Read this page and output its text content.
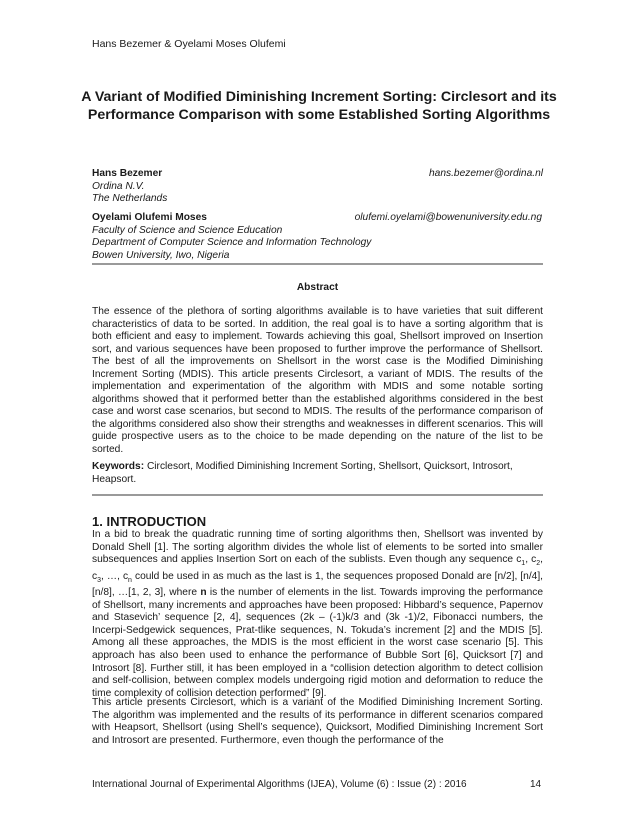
Hans Bezemer & Oyelami Moses Olufemi
A Variant of Modified Diminishing Increment Sorting: Circlesort and its Performance Comparison with some Established Sorting Algorithms
Hans Bezemer
Ordina N.V.
The Netherlands
hans.bezemer@ordina.nl
Oyelami Olufemi Moses
Faculty of Science and Science Education
Department of Computer Science and Information Technology
Bowen University, Iwo, Nigeria
olufemi.oyelami@bowenuniversity.edu.ng
Abstract
The essence of the plethora of sorting algorithms available is to have varieties that suit different characteristics of data to be sorted. In addition, the real goal is to have a sorting algorithm that is both efficient and easy to implement. Towards achieving this goal, Shellsort improved on Insertion sort, and various sequences have been proposed to further improve the performance of Shellsort. The best of all the improvements on Shellsort in the worst case is the Modified Diminishing Increment Sorting (MDIS). This article presents Circlesort, a variant of MDIS. The results of the implementation and experimentation of the algorithm with MDIS and some notable sorting algorithms showed that it performed better than the established algorithms considered in the best case and worst case scenarios, but second to MDIS. The results of the performance comparison of the algorithms considered also show their strengths and weaknesses in different scenarios. This will guide prospective users as to the choice to be made depending on the nature of the list to be sorted.
Keywords: Circlesort, Modified Diminishing Increment Sorting, Shellsort, Quicksort, Introsort, Heapsort.
1. INTRODUCTION
In a bid to break the quadratic running time of sorting algorithms then, Shellsort was invented by Donald Shell [1]. The sorting algorithm divides the whole list of elements to be sorted into smaller subsequences and applies Insertion Sort on each of the sublists. Even though any sequence $c_1$, $c_2$, $c_3$, …, $c_n$ could be used in as much as the last is 1, the sequences proposed Donald are [n/2], [n/4], [n/8], …[1, 2, 3], where n is the number of elements in the list. Towards improving the performance of Shellsort, many increments and approaches have been proposed: Hibbard’s sequence, Papernov and Stasevich’ sequence [2, 4], sequences (2k – (-1)k/3 and (3k -1)/2, Fibonacci numbers, the Incerpi-Sedgewick sequences, Prat-tlike sequences, N. Tokuda’s increment [2] and the MDIS [5]. Among all these approaches, the MDIS is the most efficient in the worst case scenario [5]. This approach has also been used to enhance the performance of Bubble Sort [6], Quicksort [7] and Introsort [8]. Further still, it has been employed in a “collision detection algorithm to detect collision and self-collision, between complex models undergoing rigid motion and deformation to reduce the time complexity of collision detection performed” [9].
This article presents Circlesort, which is a variant of the Modified Diminishing Increment Sorting. The algorithm was implemented and the results of its performance in different scenarios compared with Heapsort, Shellsort (using Shell’s sequence), Quicksort, Modified Diminishing Increment Sort and Introsort are presented. Furthermore, even though the performance of the
International Journal of Experimental Algorithms (IJEA), Volume (6) : Issue (2) : 2016	14
